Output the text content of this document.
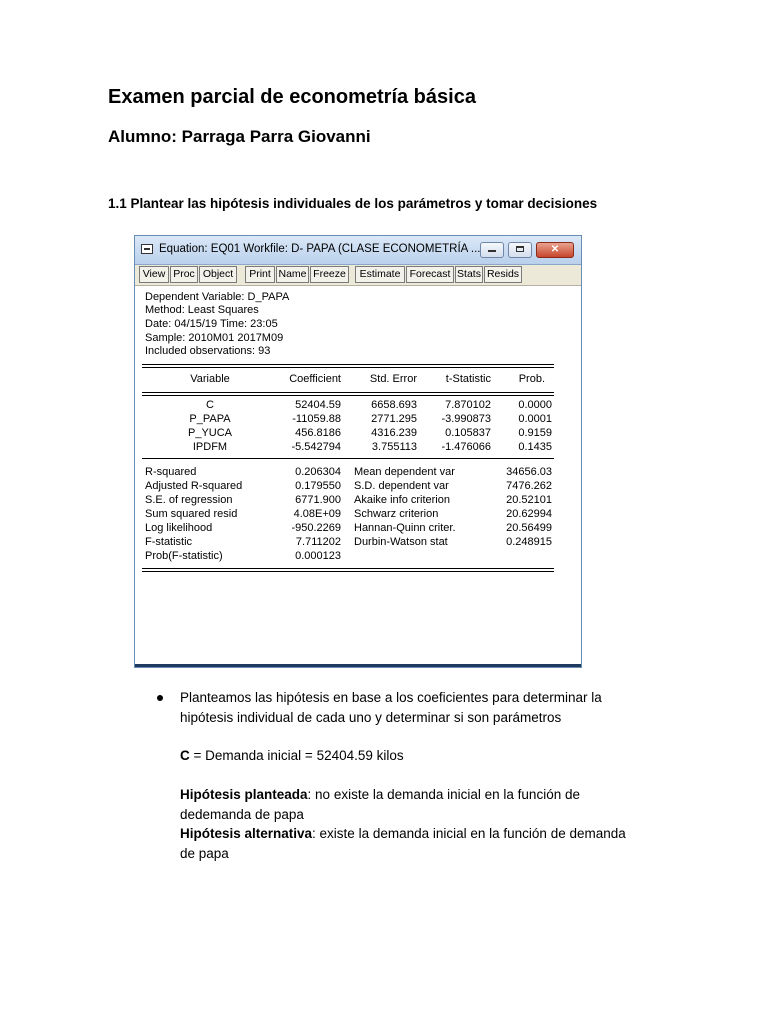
Examen parcial de econometría básica
Alumno: Parraga Parra Giovanni
1.1 Plantear las hipótesis individuales de los parámetros y tomar decisiones
Equation: EQ01 Workfile: D- PAPA (CLASE ECONOMETRÍA ...	✕
View Proc Object	Print Name Freeze	Estimate Forecast Stats Resids
Dependent Variable: D_PAPA
Method: Least Squares
Date: 04/15/19 Time: 23:05
Sample: 2010M01 2017M09
Included observations: 93
Variable	Coefficient	Std. Error	t-Statistic	Prob.
C	52404.59	6658.693	7.870102	0.0000
P_PAPA	-11059.88	2771.295	-3.990873	0.0001
P_YUCA	456.8186	4316.239	0.105837	0.9159
IPDFM	-5.542794	3.755113	-1.476066	0.1435
R-squared	0.206304 Mean dependent var	34656.03
Adjusted R-squared	0.179550 S.D. dependent var	7476.262
S.E. of regression	6771.900 Akaike info criterion	20.52101
Sum squared resid	4.08E+09 Schwarz criterion	20.62994
Log likelihood	-950.2269 Hannan-Quinn criter.	20.56499
F-statistic	7.711202 Durbin-Watson stat	0.248915
Prob(F-statistic)	0.000123
Planteamos las hipótesis en base a los coeficientes para determinar la
hipótesis individual de cada uno y determinar si son parámetros
C = Demanda inicial = 52404.59 kilos
Hipótesis planteada: no existe la demanda inicial en la función de
dedemanda de papa
Hipótesis alternativa: existe la demanda inicial en la función de demanda
de papa
